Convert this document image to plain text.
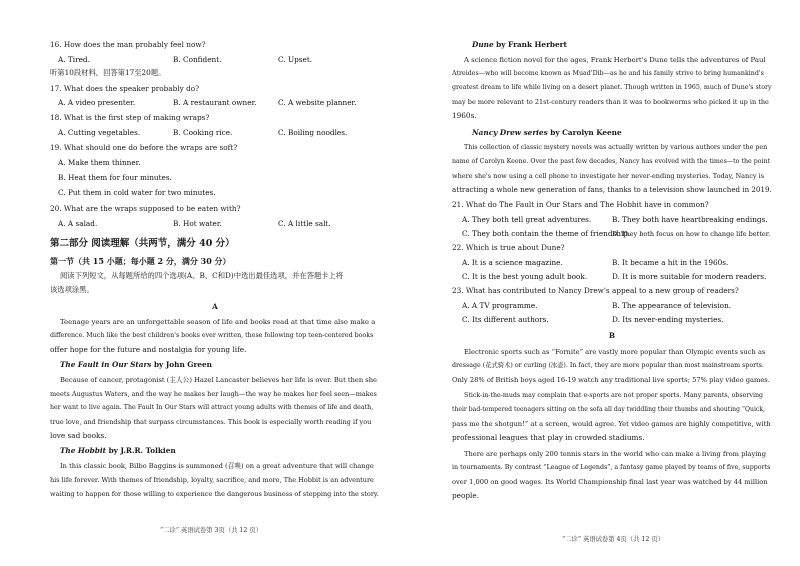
16. How does the man probably feel now?
A. Tired.	B. Confident.	C. Upset.
听第10段材料，回答第17至20题。
17. What does the speaker probably do?
A. A video presenter.	B. A restaurant owner.	C. A website planner.
18. What is the first step of making wraps?
A. Cutting vegetables.	B. Cooking rice.	C. Boiling noodles.
19. What should one do before the wraps are soft?
A. Make them thinner.
B. Heat them for four minutes.
C. Put them in cold water for two minutes.
20. What are the wraps supposed to be eaten with?
A. A salad.	B. Hot water.	C. A little salt.
第二部分 阅读理解（共两节，满分 40 分）
第一节（共 15 小题；每小题 2 分，满分 30 分）
阅读下列短文，从每题所给的四个选项(A、B、C和D)中选出最佳选项，并在答题卡上将
该选项涂黑。
A
Teenage years are an unforgettable season of life and books read at that time also make a
difference. Much like the best children's books ever written, these following top teen-centered books
offer hope for the future and nostalgia for young life.
The Fault in Our Stars by John Green
Because of cancer, protagonist (主人公) Hazel Lancaster believes her life is over. But then she
meets Augustus Waters, and the way he makes her laugh—the way he makes her feel seen—makes
her want to live again. The Fault In Our Stars will attract young adults with themes of life and death,
true love, and friendship that surpass circumstances. This book is especially worth reading if you
love sad books.
The Hobbit by J.R.R. Tolkien
In this classic book, Bilbo Baggins is summoned (召唤) on a great adventure that will change
his life forever. With themes of friendship, loyalty, sacrifice, and more, The Hobbit is an adventure
waiting to happen for those willing to experience the dangerous business of stepping into the story.
“二诊” 英语试卷第 3页（共 12 页）
Dune by Frank Herbert
A science fiction novel for the ages, Frank Herbert's Dune tells the adventures of Paul
Atreides—who will become known as Muad'Dib—as he and his family strive to bring humankind's
greatest dream to life while living on a desert planet. Though written in 1965, much of Dune's story
may be more relevant to 21st-century readers than it was to bookworms who picked it up in the
1960s.
Nancy Drew series by Carolyn Keene
This collection of classic mystery novels was actually written by various authors under the pen
name of Carolyn Keene. Over the past few decades, Nancy has evolved with the times—to the point
where she's now using a cell phone to investigate her never-ending mysteries. Today, Nancy is
attracting a whole new generation of fans, thanks to a television show launched in 2019.
21. What do The Fault in Our Stars and The Hobbit have in common?
A. They both tell great adventures.	B. They both have heartbreaking endings.
C. They both contain the theme of friendship.
D. They both focus on how to change life better.
22. Which is true about Dune?
A. It is a science magazine.	B. It became a hit in the 1960s.
C. It is the best young adult book.	D. It is more suitable for modern readers.
23. What has contributed to Nancy Drew's appeal to a new group of readers?
A. A TV programme.	B. The appearance of television.
C. Its different authors.	D. Its never-ending mysteries.
B
Electronic sports such as “Fornite” are vastly more popular than Olympic events such as
dressage (花式骑术) or curling (冰壶). In fact, they are more popular than most mainstream sports.
Only 28% of British boys aged 16-19 watch any traditional live sports; 57% play video games.
Stick-in-the-muds may complain that e-sports are not proper sports. Many parents, observing
their bad-tempered teenagers sitting on the sofa all day twiddling their thumbs and shouting “Quick,
pass me the shotgun!” at a screen, would agree. Yet video games are highly competitive, with
professional leagues that play in crowded stadiums.
There are perhaps only 200 tennis stars in the world who can make a living from playing
in tournaments. By contrast “League of Legends”, a fantasy game played by teams of five, supports
over 1,000 on good wages. Its World Championship final last year was watched by 44 million
people.
“二诊” 英语试卷第 4页（共 12 页）
